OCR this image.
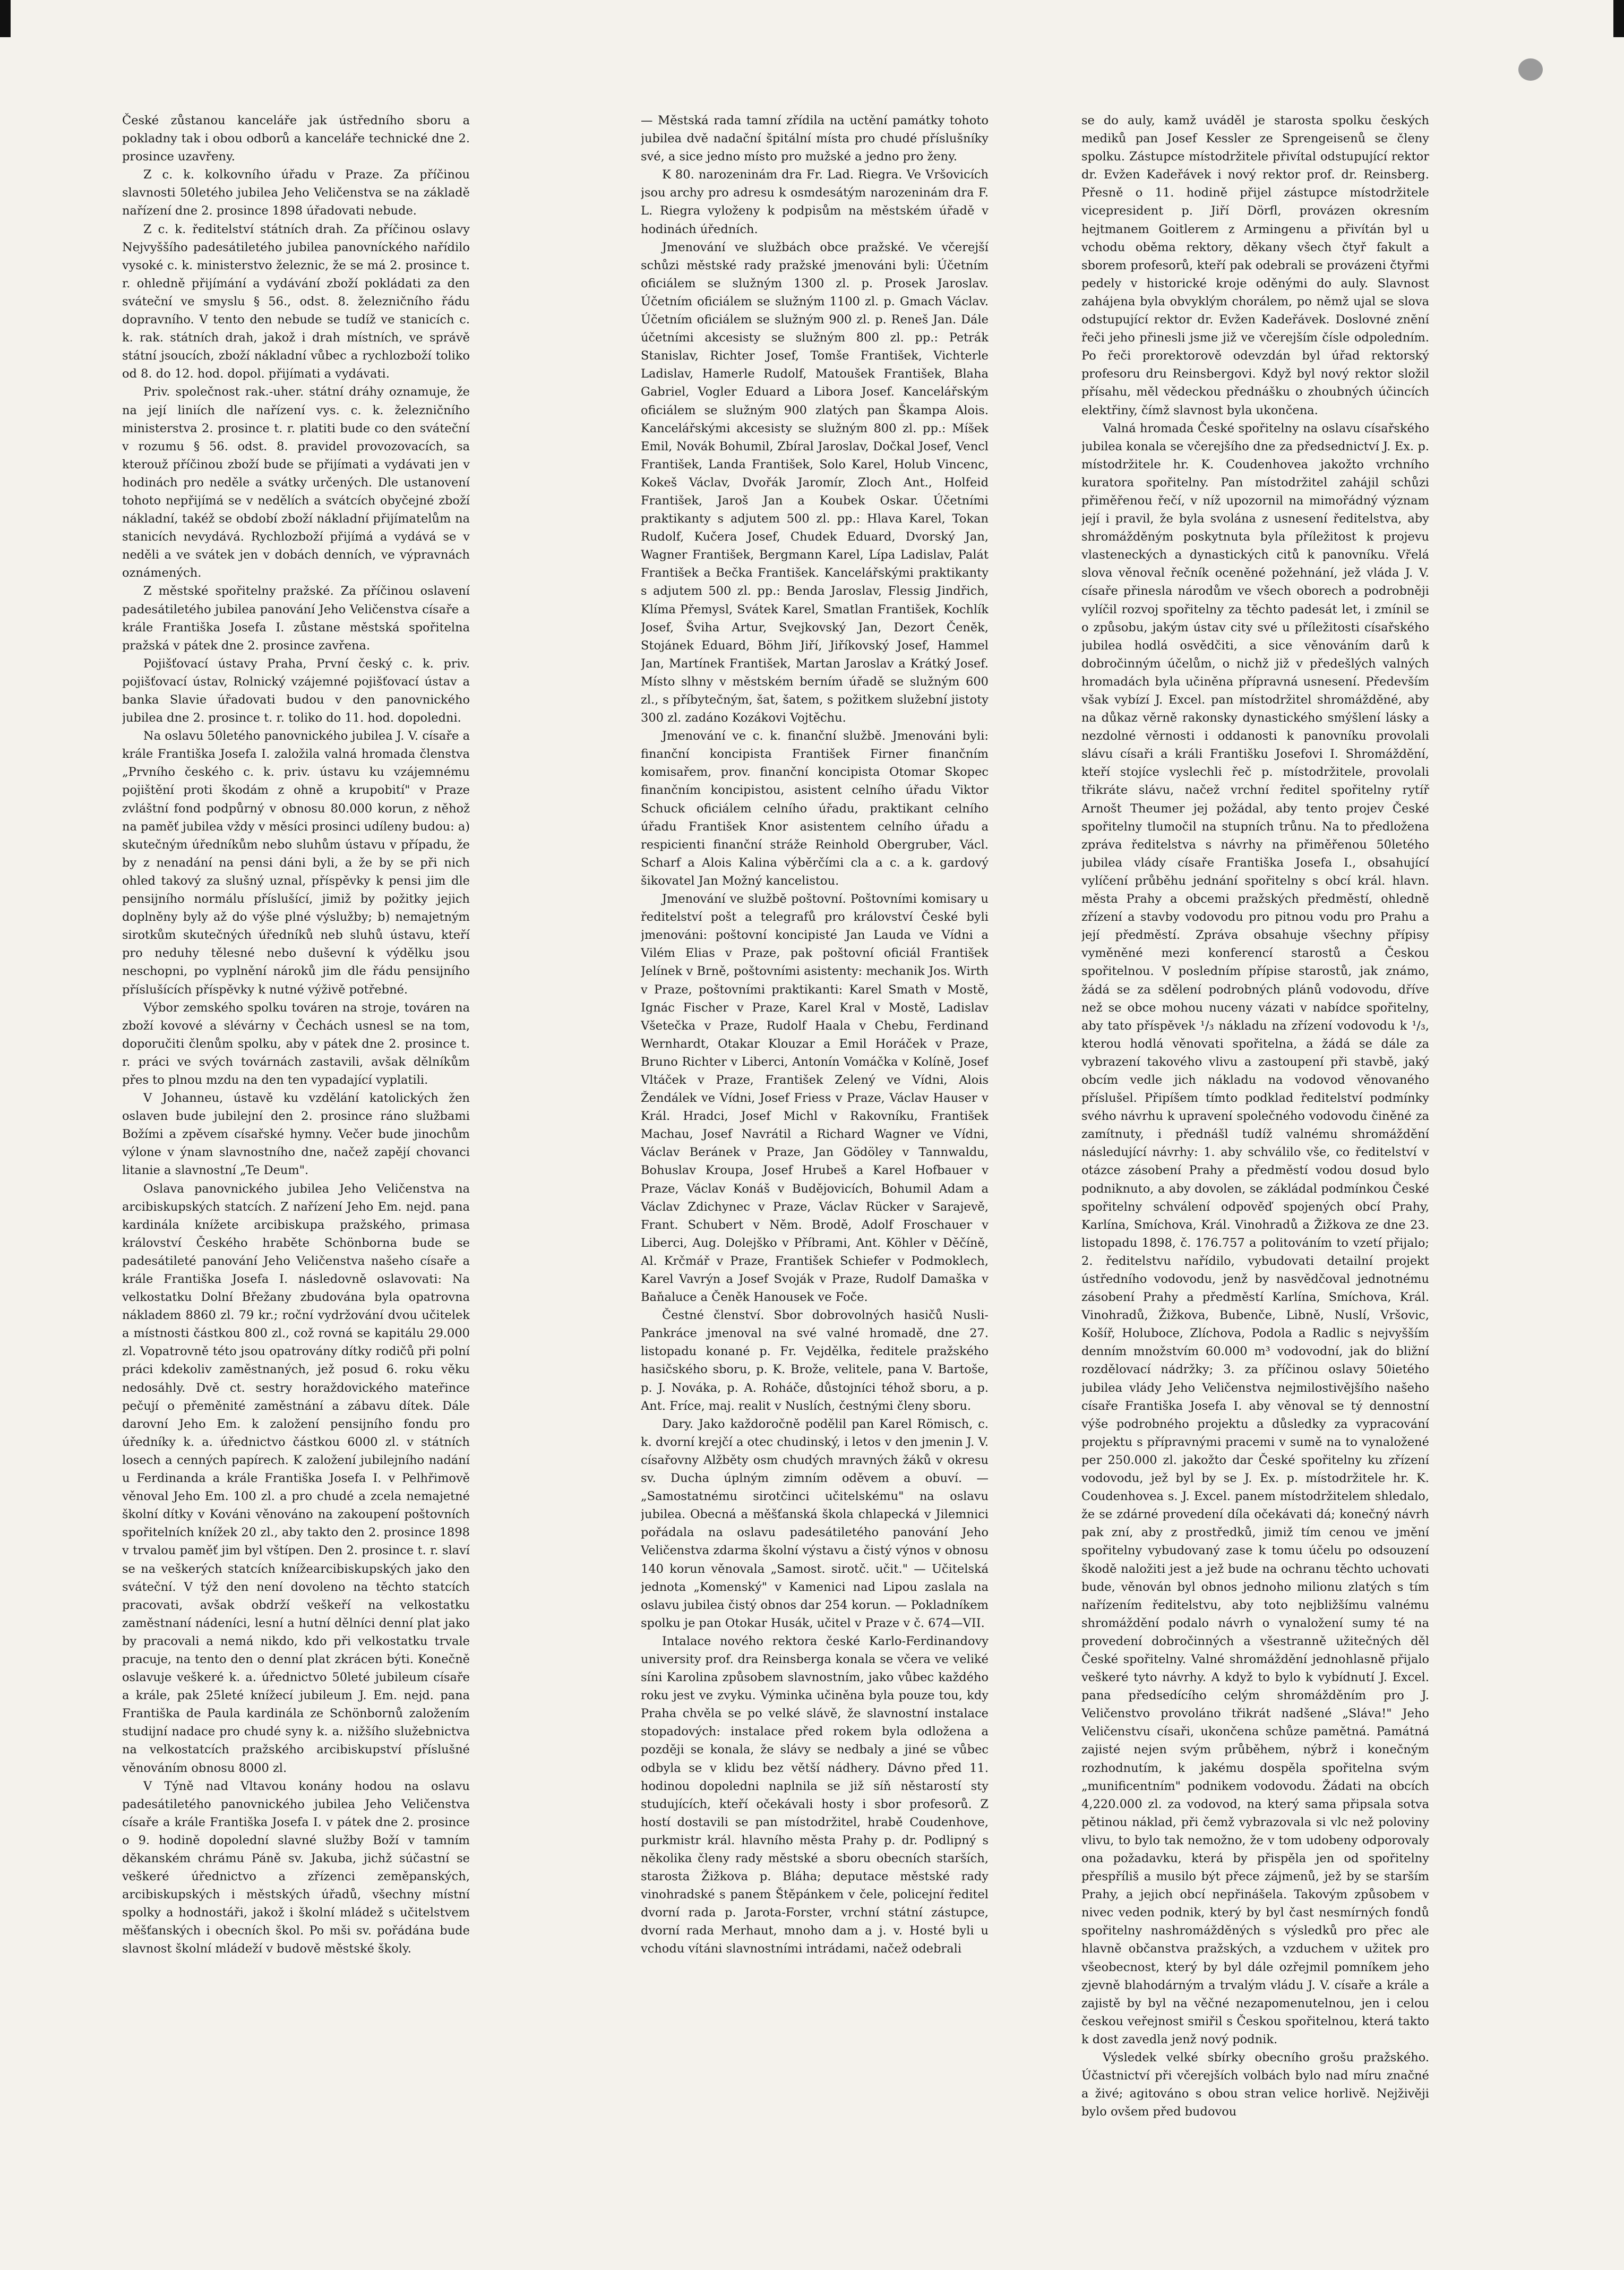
České zůstanou kanceláře jak ústředního sboru a pokladny tak i obou odborů a kanceláře technické dne 2. prosince uzavřeny.

Z c. k. kolkovního úřadu v Praze. Za příčinou slavnosti 50letého jubilea Jeho Veličenstva se na základě nařízení dne 2. prosince 1898 úřadovati nebude.

Z c. k. ředitelství státních drah. Za příčinou oslavy Nejvyššího padesátiletého jubilea panovníckého nařídilo vysoké c. k. ministerstvo železnic, že se má 2. prosince t. r. ohledně přijímání a vydávání zboží pokládati za den sváteční ve smyslu § 56., odst. 8. železničního řádu dopravního. V tento den nebude se tudíž ve stanicích c. k. rak. státních drah, jakož i drah místních, ve správě státní jsoucích, zboží nákladní vůbec a rychlozboží toliko od 8. do 12. hod. dopol. přijímati a vydávati.

Priv. společnost rak.-uher. státní dráhy oznamuje, že na její liniích dle nařízení vys. c. k. železničního ministerstva 2. prosince t. r. platiti bude co den sváteční v rozumu § 56. odst. 8. pravidel provozovacích, sa kterouž příčinou zboží bude se přijímati a vydávati jen v hodinách pro neděle a svátky určených. Dle ustanovení tohoto nepřijímá se v nedělích a svátcích obyčejné zboží nákladní, takéž se období zboží nákladní přijímatelům na stanicích nevydává. Rychlozboží přijímá a vydává se v neděli a ve svátek jen v dobách denních, ve výpravnách oznámených.

Z městské spořitelny pražské. Za příčinou oslavení padesátiletého jubilea panování Jeho Veličenstva císaře a krále Františka Josefa I. zůstane městská spořitelna pražská v pátek dne 2. prosince zavřena.

Pojišťovací ústavy Praha, První český c. k. priv. pojišťovací ústav, Rolnický vzájemné pojišťovací ústav a banka Slavie úřadovati budou v den panovnického jubilea dne 2. prosince t. r. toliko do 11. hod. dopoledni.

Na oslavu 50letého panovnického jubilea J. V. císaře a krále Františka Josefa I. založila valná hromada členstva „Prvního českého c. k. priv. ústavu ku vzájemnému pojištění proti škodám z ohně a krupobití" v Praze zvláštní fond podpůrný v obnosu 80.000 korun, z něhož na paměť jubilea vždy v měsíci prosinci udíleny budou: a) skutečným úředníkům nebo sluhům ústavu v případu, že by z nenadání na pensi dáni byli, a že by se při nich ohled takový za slušný uznal, příspěvky k pensi jim dle pensijního normálu příslušící, jimiž by požitky jejich doplněny byly až do výše plné výslužby; b) nemajetným sirotkům skutečných úředníků neb sluhů ústavu, kteří pro neduhy tělesné nebo duševní k výdělku jsou neschopni, po vyplnění nároků jim dle řádu pensijního příslušících příspěvky k nutné výživě potřebné.

Výbor zemského spolku továren na stroje, továren na zboží kovové a slévárny v Čechách usnesl se na tom, doporučiti členům spolku, aby v pátek dne 2. prosince t. r. práci ve svých továrnách zastavili, avšak dělníkům přes to plnou mzdu na den ten vypadající vyplatili.

V Johanneu, ústavě ku vzdělání katolických žen oslaven bude jubilejní den 2. prosince ráno službami Božími a zpěvem císařské hymny. Večer bude jinochům výlone v ýnam slavnostního dne, načež zapějí chovanci litanie a slavnostní „Te Deum".

Oslava panovnického jubilea Jeho Veličenstva na arcibiskupských statcích. Z nařízení Jeho Em. nejd. pana kardinála knížete arcibiskupa pražského, primasa království Českého hraběte Schönborna bude se padesátileté panování Jeho Veličenstva našeho císaře a krále Františka Josefa I. následovně oslavovati: Na velkostatku Dolní Břežany zbudována byla opatrovna nákladem 8860 zl. 79 kr.; roční vydržování dvou učitelek a místnosti částkou 800 zl., což rovná se kapitálu 29.000 zl. Vopatrovně této jsou opatrovány dítky rodičů při polní práci kdekoliv zaměstnaných, jež posud 6. roku věku nedosáhly. Dvě ct. sestry horaždovického mateřince pečují o přeměnité zaměstnání a zábavu dítek. Dále darovní Jeho Em. k založení pensijního fondu pro úředníky k. a. úřednictvo částkou 6000 zl. v státních losech a cenných papírech. K založení jubilejního nadání u Ferdinanda a krále Františka Josefa I. v Pelhřimově věnoval Jeho Em. 100 zl. a pro chudé a zcela nemajetné školní dítky v Kováni věnováno na zakoupení poštovních spořitelních knížek 20 zl., aby takto den 2. prosince 1898 v trvalou paměť jim byl vštípen. Den 2. prosince t. r. slaví se na veškerých statcích knížearcibiskupských jako den sváteční. V týž den není dovoleno na těchto statcích pracovati, avšak obdrží veškeří na velkostatku zaměstnaní nádeníci, lesní a hutní dělníci denní plat jako by pracovali a nemá nikdo, kdo při velkostatku trvale pracuje, na tento den o denní plat zkrácen býti. Konečně oslavuje veškeré k. a. úřednictvo 50leté jubileum císaře a krále, pak 25leté knížecí jubileum J. Em. nejd. pana Františka de Paula kardinála ze Schönbornů založením studijní nadace pro chudé syny k. a. nižšího služebnictva na velkostatcích pražského arcibiskupství příslušné věnováním obnosu 8000 zl.

V Týně nad Vltavou konány hodou na oslavu padesátiletého panovnického jubilea Jeho Veličenstva císaře a krále Františka Josefa I. v pátek dne 2. prosince o 9. hodině dopolední slavné služby Boží v tamním děkanském chrámu Páně sv. Jakuba, jichž súčastní se veškeré úřednictvo a zřízenci zeměpanských, arcibiskupských i městských úřadů, všechny místní spolky a hodnostáři, jakož i školní mládež s učitelstvem měšťanských i obecních škol. Po mši sv. pořádána bude slavnost školní mládeží v budově městské školy.

— Městská rada tamní zřídila na uctění památky tohoto jubilea dvě nadační špitální místa pro chudé příslušníky své, a sice jedno místo pro mužské a jedno pro ženy.

K 80. narozeninám dra Fr. Lad. Riegra. Ve Vršovicích jsou archy pro adresu k osmdesátým narozeninám dra F. L. Riegra vyloženy k podpisům na městském úřadě v hodinách úředních.

Jmenování ve službách obce pražské. Ve včerejší schůzi městské rady pražské jmenováni byli: Účetním oficiálem se služným 1300 zl. p. Prosek Jaroslav. Účetním oficiálem se služným 1100 zl. p. Gmach Václav. Účetním oficiálem se služným 900 zl. p. Reneš Jan. Dále účetními akcesisty se služným 800 zl. pp.: Petrák Stanislav, Richter Josef, Tomše František, Vichterle Ladislav, Hamerle Rudolf, Matoušek František, Blaha Gabriel, Vogler Eduard a Libora Josef. Kancelářským oficiálem se služným 900 zlatých pan Škampa Alois. Kancelářskými akcesisty se služným 800 zl. pp.: Míšek Emil, Novák Bohumil, Zbíral Jaroslav, Dočkal Josef, Vencl František, Landa František, Solo Karel, Holub Vincenc, Kokeš Václav, Dvořák Jaromír, Zloch Ant., Holfeid František, Jaroš Jan a Koubek Oskar. Účetními praktikanty s adjutem 500 zl. pp.: Hlava Karel, Tokan Rudolf, Kučera Josef, Chudek Eduard, Dvorský Jan, Wagner František, Bergmann Karel, Lípa Ladislav, Palát František a Bečka František. Kancelářskými praktikanty s adjutem 500 zl. pp.: Benda Jaroslav, Flessig Jindřich, Klíma Přemysl, Svátek Karel, Smatlan František, Kochlík Josef, Šviha Artur, Svejkovský Jan, Dezort Čeněk, Stojánek Eduard, Böhm Jiří, Jiříkovský Josef, Hammel Jan, Martínek František, Martan Jaroslav a Krátký Josef. Místo slhny v městském berním úřadě se služným 600 zl., s příbytečným, šat, šatem, s požitkem služební jistoty 300 zl. zadáno Kozákovi Vojtěchu.

Jmenování ve c. k. finanční službě. Jmenováni byli: finanční koncipista František Firner finančním komisařem, prov. finanční koncipista Otomar Skopec finančním koncipistou, asistent celního úřadu Viktor Schuck oficiálem celního úřadu, praktikant celního úřadu František Knor asistentem celního úřadu a respicienti finanční stráže Reinhold Obergruber, Václ. Scharf a Alois Kalina výběrčími cla a c. a k. gardový šikovatel Jan Možný kancelistou.

Jmenování ve službě poštovní. Poštovními komisary u ředitelství pošt a telegrafů pro království České byli jmenováni: poštovní koncipisté Jan Lauda ve Vídni a Vilém Elias v Praze, pak poštovní oficiál František Jelínek v Brně, poštovními asistenty: mechanik Jos. Wirth v Praze, poštovními praktikanti: Karel Smath v Mostě, Ignác Fischer v Praze, Karel Kral v Mostě, Ladislav Všetečka v Praze, Rudolf Haala v Chebu, Ferdinand Wernhardt, Otakar Klouzar a Emil Horáček v Praze, Bruno Richter v Liberci, Antonín Vomáčka v Kolíně, Josef Vltáček v Praze, František Zelený ve Vídni, Alois Žendálek ve Vídni, Josef Friess v Praze, Václav Hauser v Král. Hradci, Josef Michl v Rakovníku, František Machau, Josef Navrátil a Richard Wagner ve Vídni, Václav Beránek v Praze, Jan Gödöley v Tannwaldu, Bohuslav Kroupa, Josef Hrubeš a Karel Hofbauer v Praze, Václav Konáš v Budějovicích, Bohumil Adam a Václav Zdichynec v Praze, Václav Rücker v Sarajevě, Frant. Schubert v Něm. Brodě, Adolf Froschauer v Liberci, Aug. Dolejško v Příbrami, Ant. Köhler v Děčíně, Al. Krčmář v Praze, František Schiefer v Podmoklech, Karel Vavrýn a Josef Svoják v Praze, Rudolf Damaška v Baňaluce a Čeněk Hanousek ve Foče.

Čestné členství. Sbor dobrovolných hasičů Nusli-Pankráce jmenoval na své valné hromadě, dne 27. listopadu konané p. Fr. Vejdělka, ředitele pražského hasičského sboru, p. K. Brože, velitele, pana V. Bartoše, p. J. Nováka, p. A. Roháče, důstojníci téhož sboru, a p. Ant. Fríce, maj. realit v Nuslích, čestnými členy sboru.

Dary. Jako každoročně podělil pan Karel Römisch, c. k. dvorní krejčí a otec chudinský, i letos v den jmenin J. V. císařovny Alžběty osm chudých mravných žáků v okresu sv. Ducha úplným zimním oděvem a obuví. — „Samostatnému sirotčinci učitelskému" na oslavu jubilea. Obecná a měšťanská škola chlapecká v Jilemnici pořádala na oslavu padesátiletého panování Jeho Veličenstva zdarma školní výstavu a čistý výnos v obnosu 140 korun věnovala „Samost. sirotč. učit." — Učitelská jednota „Komenský" v Kamenici nad Lipou zaslala na oslavu jubilea čistý obnos dar 254 korun. — Pokladníkem spolku je pan Otokar Husák, učitel v Praze v č. 674—VII.

Intalace nového rektora české Karlo-Ferdinandovy university prof. dra Reinsberga konala se včera ve veliké síni Karolina způsobem slavnostním, jako vůbec každého roku jest ve zvyku. Výminka učiněna byla pouze tou, kdy Praha chvěla se po velké slávě, že slavnostní instalace stopadových: instalace před rokem byla odložena a později se konala, že slávy se nedbaly a jiné se vůbec odbyla se v klidu bez větší nádhery. Dávno před 11. hodinou dopoledni naplnila se již síň něstarostí sty studujících, kteří očekávali hosty i sbor profesorů. Z hostí dostavili se pan místodržitel, hrabě Coudenhove, purkmistr král. hlavního města Prahy p. dr. Podlipný s několika členy rady městské a sboru obecních starších, starosta Žižkova p. Bláha; deputace městské rady vinohradské s panem Štěpánkem v čele, policejní ředitel dvorní rada p. Jarota-Forster, vrchní státní zástupce, dvorní rada Merhaut, mnoho dam a j. v. Hosté byli u vchodu vítáni slavnostními intrádami, načež odebrali

se do auly, kamž uváděl je starosta spolku českých mediků pan Josef Kessler ze Sprengeisenů se členy spolku. Zástupce místodržitele přivítal odstupující rektor dr. Evžen Kadeřávek i nový rektor prof. dr. Reinsberg. Přesně o 11. hodině přijel zástupce místodržitele vicepresident p. Jiří Dörfl, provázen okresním hejtmanem Goitlerem z Armingenu a přivítán byl u vchodu oběma rektory, děkany všech čtyř fakult a sborem profesorů, kteří pak odebrali se provázeni čtyřmi pedely v historické kroje oděnými do auly. Slavnost zahájena byla obvyklým chorálem, po němž ujal se slova odstupující rektor dr. Evžen Kadeřávek. Doslovné znění řeči jeho přinesli jsme již ve včerejším čísle odpoledním. Po řeči prorektorově odevzdán byl úřad rektorský profesoru dru Reinsbergovi. Když byl nový rektor složil přísahu, měl vědeckou přednášku o zhoubných účincích elektřiny, čímž slavnost byla ukončena.

Valná hromada České spořitelny na oslavu císařského jubilea konala se včerejšího dne za předsednictví J. Ex. p. místodržitele hr. K. Coudenhovea jakožto vrchního kuratora spořitelny. Pan místodržitel zahájil schůzi přiměřenou řečí, v níž upozornil na mimořádný význam její i pravil, že byla svolána z usnesení ředitelstva, aby shromážděným poskytnuta byla příležitost k projevu vlasteneckých a dynastických citů k panovníku. Vřelá slova věnoval řečník oceněné požehnání, jež vláda J. V. císaře přinesla národům ve všech oborech a podrobněji vylíčil rozvoj spořitelny za těchto padesát let, i zmínil se o způsobu, jakým ústav city své u příležitosti císařského jubilea hodlá osvědčiti, a sice věnováním darů k dobročinným účelům, o nichž již v předešlých valných hromadách byla učiněna přípravná usnesení. Především však vybízí J. Excel. pan místodržitel shromážděné, aby na důkaz věrně rakonsky dynastického smýšlení lásky a nezdolné věrnosti i oddanosti k panovníku provolali slávu císaři a králi Františku Josefovi I. Shromáždění, kteří stojíce vyslechli řeč p. místodržitele, provolali třikráte slávu, načež vrchní ředitel spořitelny rytíř Arnošt Theumer jej požádal, aby tento projev České spořitelny tlumočil na stupních trůnu. Na to předložena zpráva ředitelstva s návrhy na přiměřenou 50letého jubilea vlády císaře Františka Josefa I., obsahující vylíčení průběhu jednání spořitelny s obcí král. hlavn. města Prahy a obcemi pražských předměstí, ohledně zřízení a stavby vodovodu pro pitnou vodu pro Prahu a její předměstí. Zpráva obsahuje všechny přípisy vyměněné mezi konferencí starostů a Českou spořitelnou. V posledním přípise starostů, jak známo, žádá se za sdělení podrobných plánů vodovodu, dříve než se obce mohou nuceny vázati v nabídce spořitelny, aby tato příspěvek ¹/₃ nákladu na zřízení vodovodu k ¹/₃, kterou hodlá věnovati spořitelna, a žádá se dále za vybrazení takového vlivu a zastoupení při stavbě, jaký obcím vedle jich nákladu na vodovod věnovaného příslušel. Připíšem tímto podklad ředitelství podmínky svého návrhu k upravení společného vodovodu činěné za zamítnuty, i přednášl tudíž valnému shromáždění následující návrhy: 1. aby schválilo vše, co ředitelství v otázce zásobení Prahy a předměstí vodou dosud bylo podniknuto, a aby dovolen, se zákládal podmínkou České spořitelny schválení odpověď spojených obcí Prahy, Karlína, Smíchova, Král. Vinohradů a Žižkova ze dne 23. listopadu 1898, č. 176.757 a politováním to vzetí přijalo; 2. ředitelstvu nařídilo, vybudovati detailní projekt ústředního vodovodu, jenž by nasvědčoval jednotnému zásobení Prahy a předměstí Karlína, Smíchova, Král. Vinohradů, Žižkova, Bubenče, Libně, Nuslí, Vršovic, Košíř, Holuboce, Zlíchova, Podola a Radlic s nejvyšším denním množstvím 60.000 m³ vodovodní, jak do bližní rozdělovací nádržky; 3. za příčinou oslavy 50ietého jubilea vlády Jeho Veličenstva nejmilostivějšího našeho císaře Františka Josefa I. aby věnoval se tý dennostní výše podrobného projektu a důsledky za vypracování projektu s přípravnými pracemi v sumě na to vynaložené per 250.000 zl. jakožto dar České spořitelny ku zřízení vodovodu, jež byl by se J. Ex. p. místodržitele hr. K. Coudenhovea s. J. Excel. panem místodržitelem shledalo, že se zdárné provedení díla očekávati dá; konečný návrh pak zní, aby z prostředků, jimiž tím cenou ve jmění spořitelny vybudovaný zase k tomu účelu po odsouzení škodě naložiti jest a jež bude na ochranu těchto uchovati bude, věnován byl obnos jednoho milionu zlatých s tím nařízením ředitelstvu, aby toto nejbližšímu valnému shromáždění podalo návrh o vynaložení sumy té na provedení dobročinných a všestranně užitečných děl České spořitelny. Valné shromáždění jednohlasně přijalo veškeré tyto návrhy. A když to bylo k vybídnutí J. Excel. pana předsedícího celým shromážděním pro J. Veličenstvo provoláno třikrát nadšené „Sláva!" Jeho Veličenstvu císaři, ukončena schůze pamětná. Památná zajisté nejen svým průběhem, nýbrž i konečným rozhodnutím, k jakému dospěla spořitelna svým „munificentním" podnikem vodovodu. Žádati na obcích 4,220.000 zl. za vodovod, na který sama připsala sotva pětinou náklad, při čemž vybrazovala si vlc než poloviny vlivu, to bylo tak nemožno, že v tom udobeny odporovaly ona požadavku, která by přispěla jen od spořitelny přespříliš a musilo být přece zájmenů, jež by se starším Prahy, a jejich obcí nepřinášela. Takovým způsobem v nivec veden podnik, který by byl čast nesmírných fondů spořitelny nashromážděných s výsledků pro přec ale hlavně občanstva pražských, a vzduchem v užitek pro všeobecnost, který by byl dále ozřejmil pomníkem jeho zjevně blahodárným a trvalým vládu J. V. císaře a krále a zajistě by byl na věčné nezapomenutelnou, jen i celou českou veřejnost smiřil s Českou spořitelnou, která takto k dost zavedla jenž nový podnik.

Výsledek velké sbírky obecního grošu pražského. Účastnictví při včerejších volbách bylo nad míru značné a živé; agitováno s obou stran velice horlivě. Nejživěji bylo ovšem před budovou
